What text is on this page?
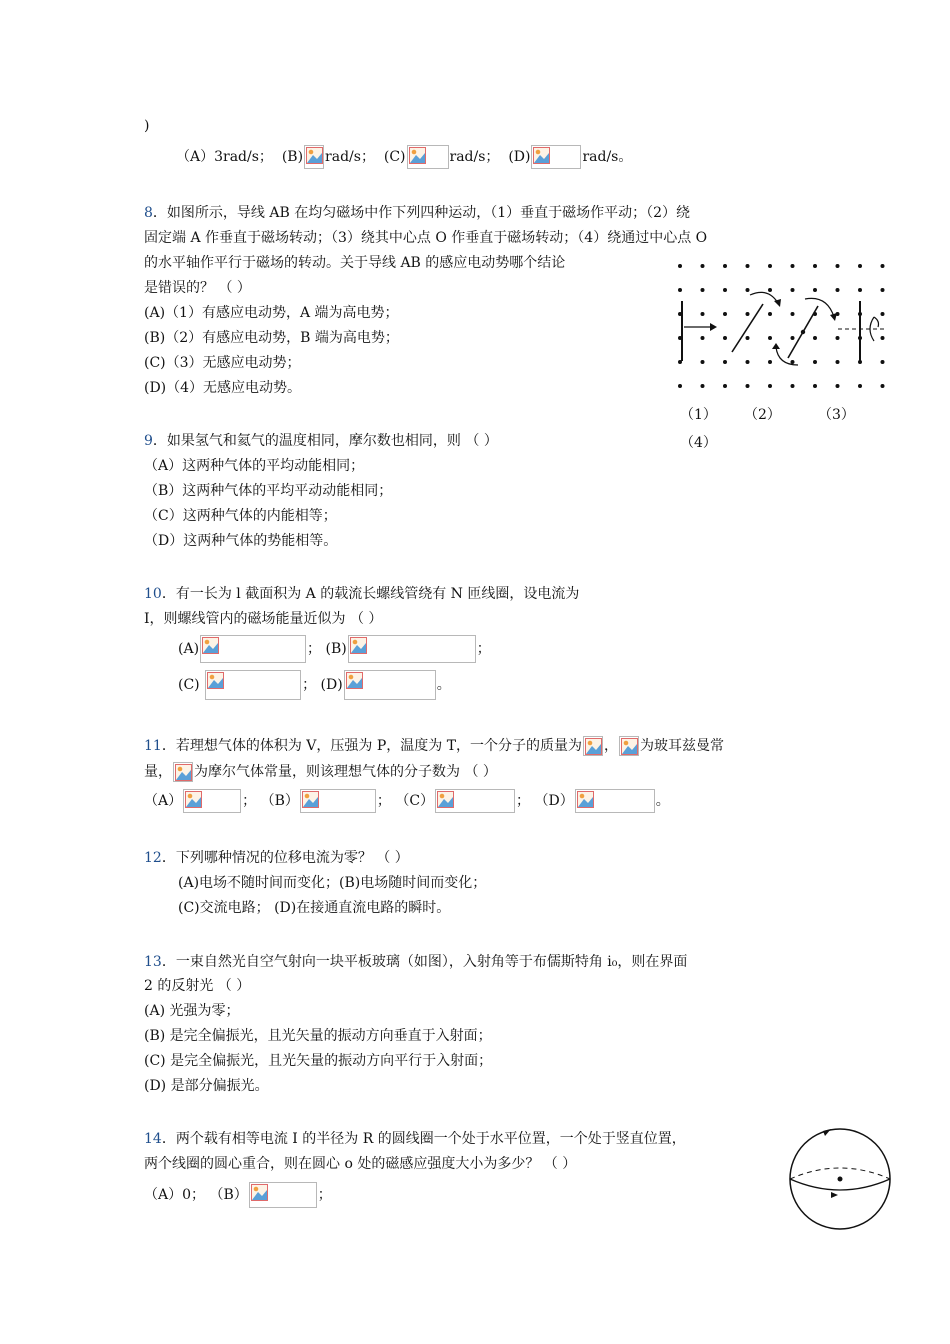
)
（A）3rad/s； (B) rad/s； (C)	rad/s； (D)	rad/s。
8．如图所示，导线 AB 在均匀磁场中作下列四种运动，（1）垂直于磁场作平动；（2）绕
固定端 A 作垂直于磁场转动；（3）绕其中心点 O 作垂直于磁场转动；（4）绕通过中心点 O
的水平轴作平行于磁场的转动。关于导线 AB 的感应电动势哪个结论
是错误的？ （ ）
(A)（1）有感应电动势，A 端为高电势；
(B)（2）有感应电动势，B 端为高电势；
(C)（3）无感应电动势；
(D)（4）无感应电动势。
（1） （2）	（3）
（4）
9．如果氢气和氦气的温度相同，摩尔数也相同，则 （ ）
（A）这两种气体的平均动能相同；
（B）这两种气体的平均平动动能相同；
（C）这两种气体的内能相等；
（D）这两种气体的势能相等。
10．有一长为 l 截面积为 A 的载流长螺线管绕有 N 匝线圈，设电流为
I，则螺线管内的磁场能量近似为 （ ）
(A)	； (B)	；
(C)	； (D)	。
11．若理想气体的体积为 V，压强为 P，温度为 T，一个分子的质量为 ， 为玻耳兹曼常
量， 为摩尔气体常量，则该理想气体的分子数为 （ ）
（A）	； （B）	； （C）	； （D）	。
12．下列哪种情况的位移电流为零？ （ ）
(A)电场不随时间而变化；(B)电场随时间而变化；
(C)交流电路； (D)在接通直流电路的瞬时。
13．一束自然光自空气射向一块平板玻璃（如图），入射角等于布儒斯特角 i₀，则在界面
2 的反射光 （ ）
(A) 光强为零；
(B) 是完全偏振光，且光矢量的振动方向垂直于入射面；
(C) 是完全偏振光，且光矢量的振动方向平行于入射面；
(D) 是部分偏振光。
14．两个载有相等电流 I 的半径为 R 的圆线圈一个处于水平位置，一个处于竖直位置，
两个线圈的圆心重合，则在圆心 o 处的磁感应强度大小为多少？ （ ）
（A）0； （B）	；
